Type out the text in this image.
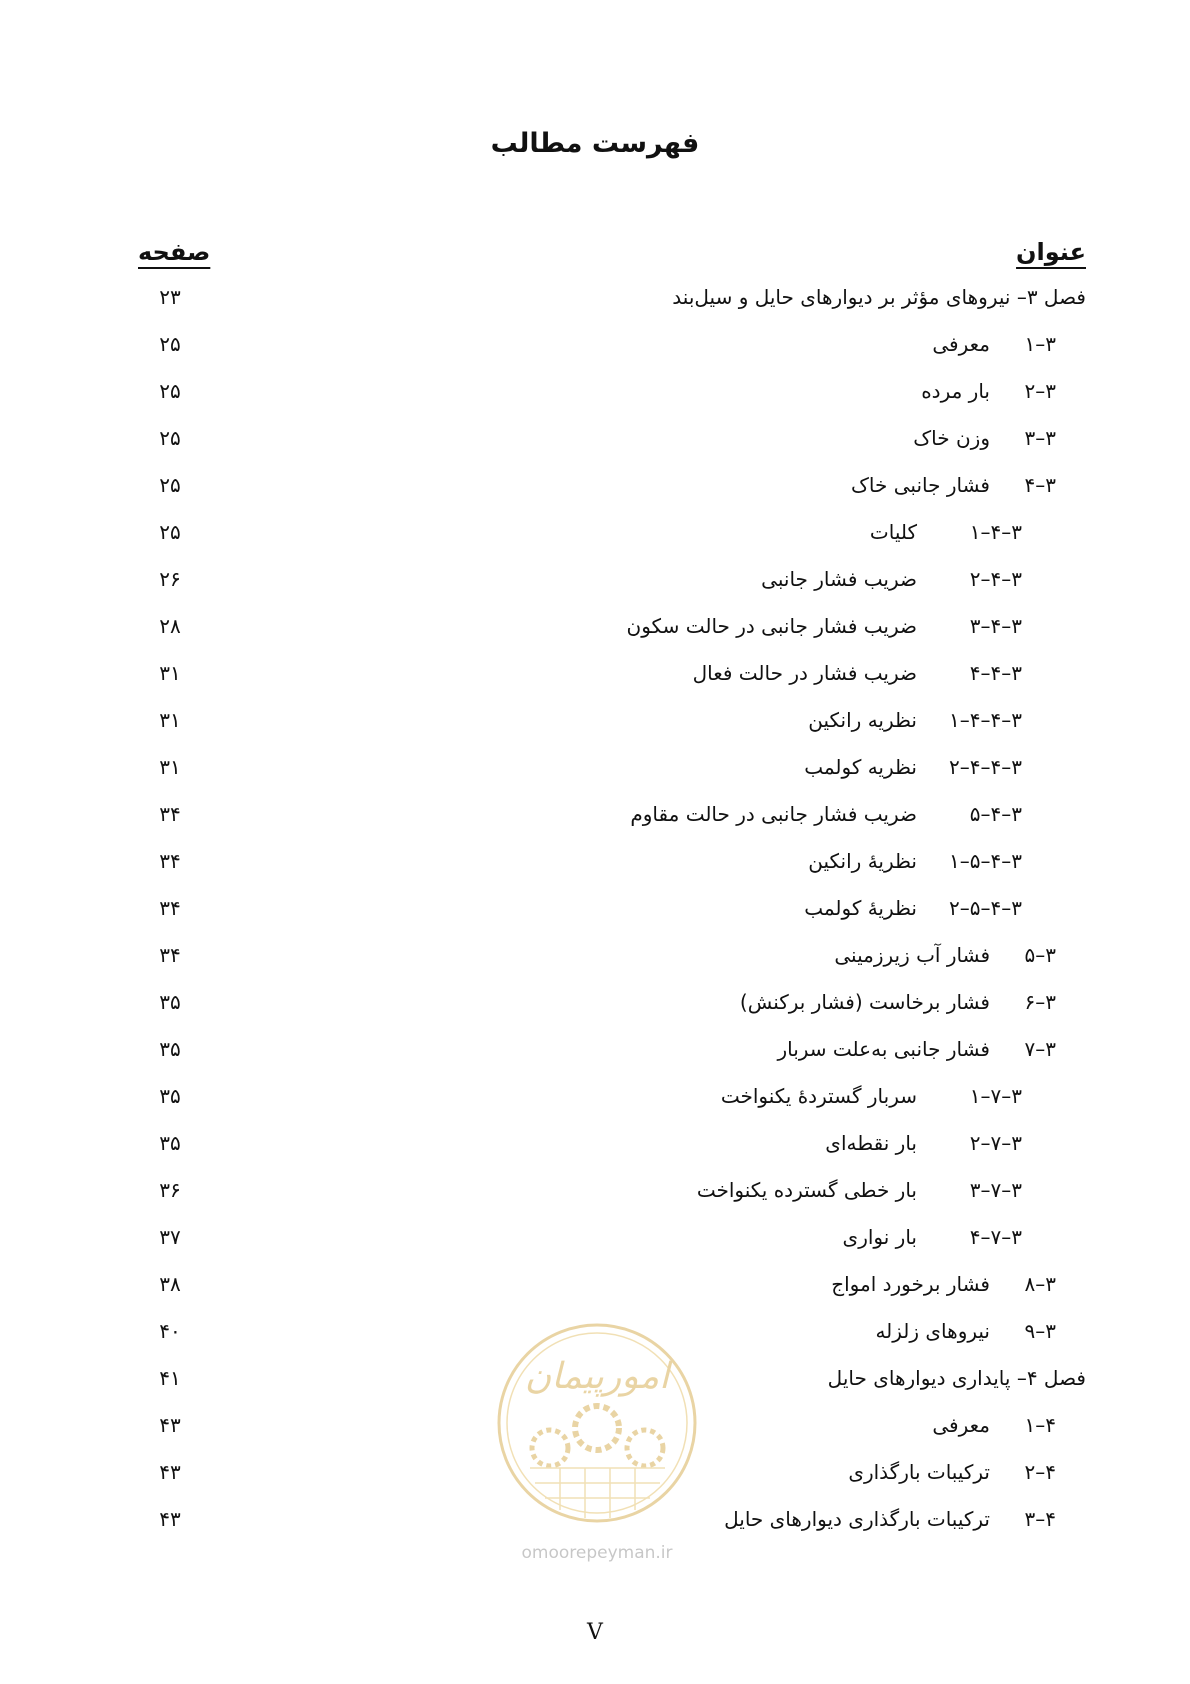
فهرست مطالب
عنوان
صفحه
فصل ۳– نیروهای مؤثر بر دیوارهای حایل و سیل‌بند
۲۳
۳–۱معرفی
۲۵
۳–۲بار مرده
۲۵
۳–۳وزن خاک
۲۵
۳–۴فشار جانبی خاک
۲۵
۳–۴–۱کلیات
۲۵
۳–۴–۲ضریب فشار جانبی
۲۶
۳–۴–۳ضریب فشار جانبی در حالت سکون
۲۸
۳–۴–۴ضریب فشار در حالت فعال
۳۱
۳–۴–۴–۱نظریه رانکین
۳۱
۳–۴–۴–۲نظریه کولمب
۳۱
۳–۴–۵ضریب فشار جانبی در حالت مقاوم
۳۴
۳–۴–۵–۱نظریهٔ رانکین
۳۴
۳–۴–۵–۲نظریهٔ کولمب
۳۴
۳–۵فشار آب زیرزمینی
۳۴
۳–۶فشار برخاست (فشار برکنش)
۳۵
۳–۷فشار جانبی به‌علت سربار
۳۵
۳–۷–۱سربار گستردهٔ یکنواخت
۳۵
۳–۷–۲بار نقطه‌ای
۳۵
۳–۷–۳بار خطی گسترده یکنواخت
۳۶
۳–۷–۴بار نواری
۳۷
۳–۸فشار برخورد امواج
۳۸
۳–۹نیروهای زلزله
۴۰
فصل ۴– پایداری دیوارهای حایل
۴۱
۴–۱معرفی
۴۳
۴–۲ترکیبات بارگذاری
۴۳
۴–۳ترکیبات بارگذاری دیوارهای حایل
۴۳
امورپیمان
omoorepeyman.ir
V
